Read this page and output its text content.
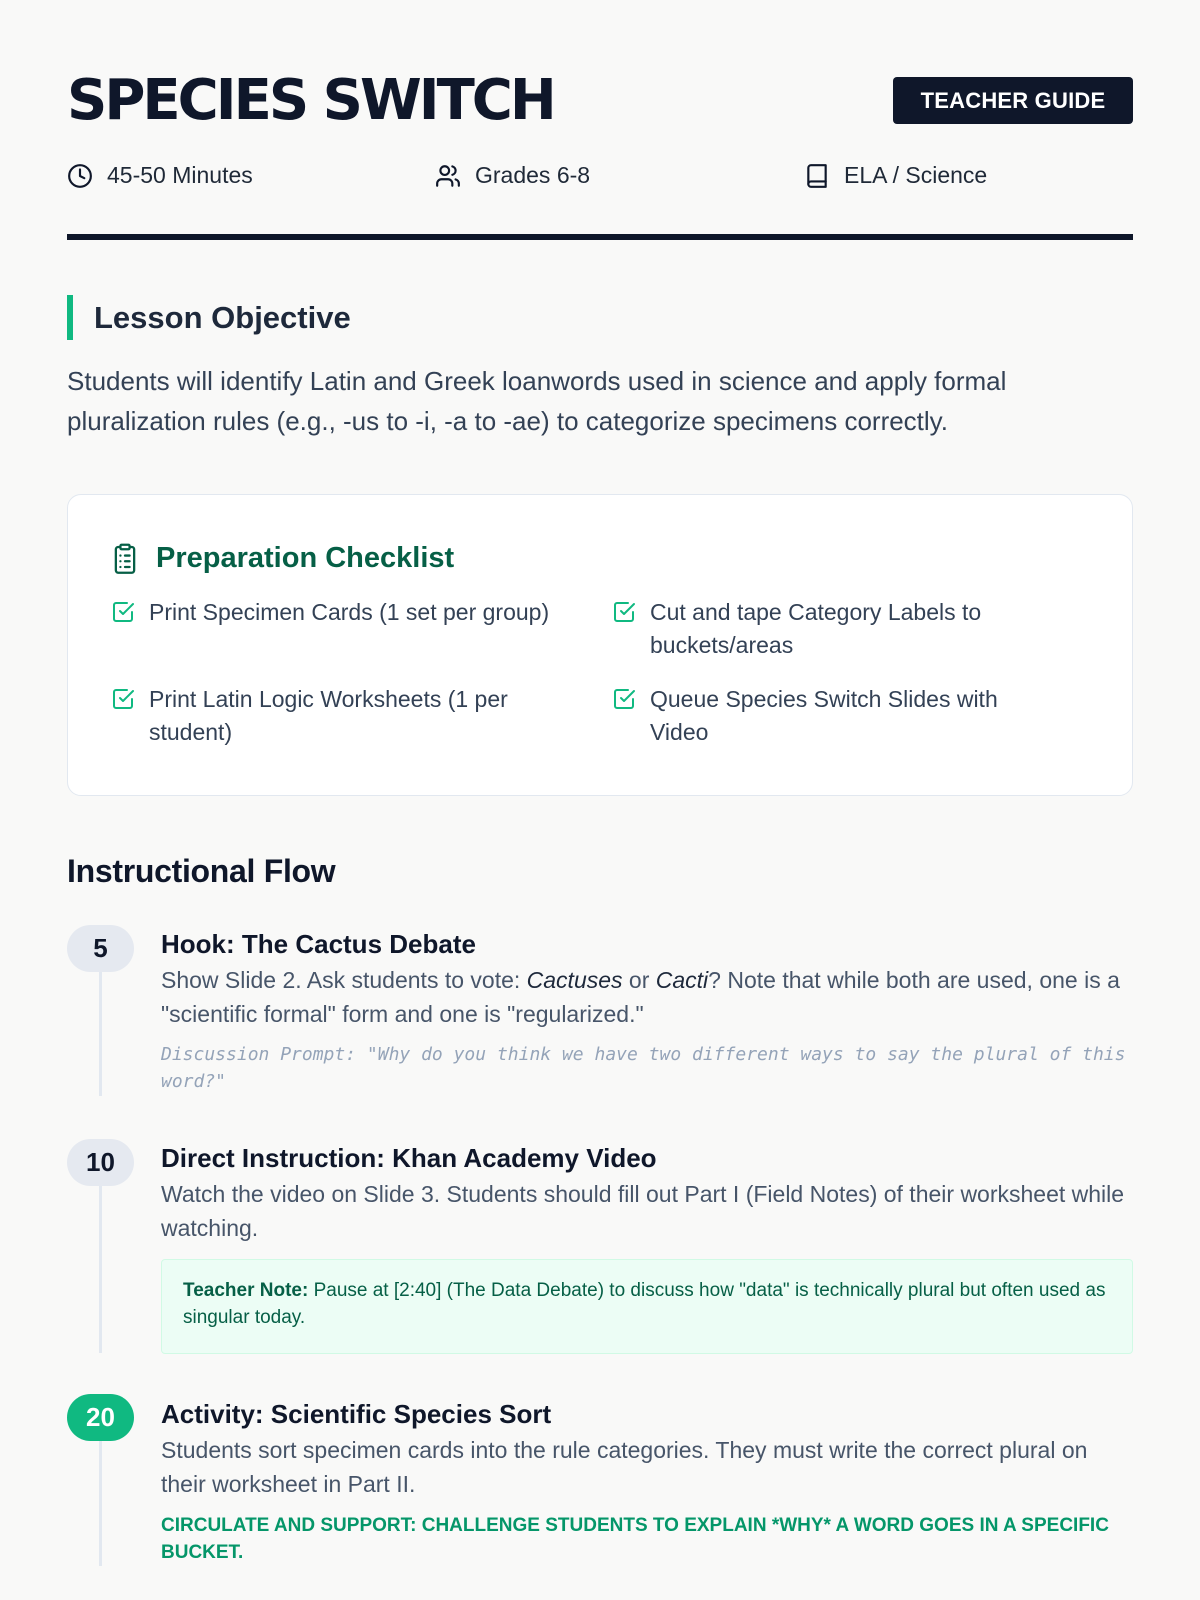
SPECIES SWITCH	TEACHER GUIDE
45-50 Minutes	Grades 6-8	ELA / Science
Lesson Objective
Students will identify Latin and Greek loanwords used in science and apply formal pluralization rules (e.g., -us to -i, -a to -ae) to categorize specimens correctly.
Preparation Checklist
Print Specimen Cards (1 set per group)	Cut and tape Category Labels to buckets/areas
Print Latin Logic Worksheets (1 per student)
Queue Species Switch Slides with Video
Instructional Flow
5	Hook: The Cactus Debate
Show Slide 2. Ask students to vote: Cactuses or Cacti? Note that while both are used, one is a "scientific formal" form and one is "regularized."
Discussion Prompt: "Why do you think we have two different ways to say the plural of this word?"
10	Direct Instruction: Khan Academy Video
Watch the video on Slide 3. Students should fill out Part I (Field Notes) of their worksheet while watching.
Teacher Note: Pause at [2:40] (The Data Debate) to discuss how "data" is technically plural but often used as singular today.
20	Activity: Scientific Species Sort
Students sort specimen cards into the rule categories. They must write the correct plural on their worksheet in Part II.
CIRCULATE AND SUPPORT: CHALLENGE STUDENTS TO EXPLAIN *WHY* A WORD GOES IN A SPECIFIC BUCKET.
